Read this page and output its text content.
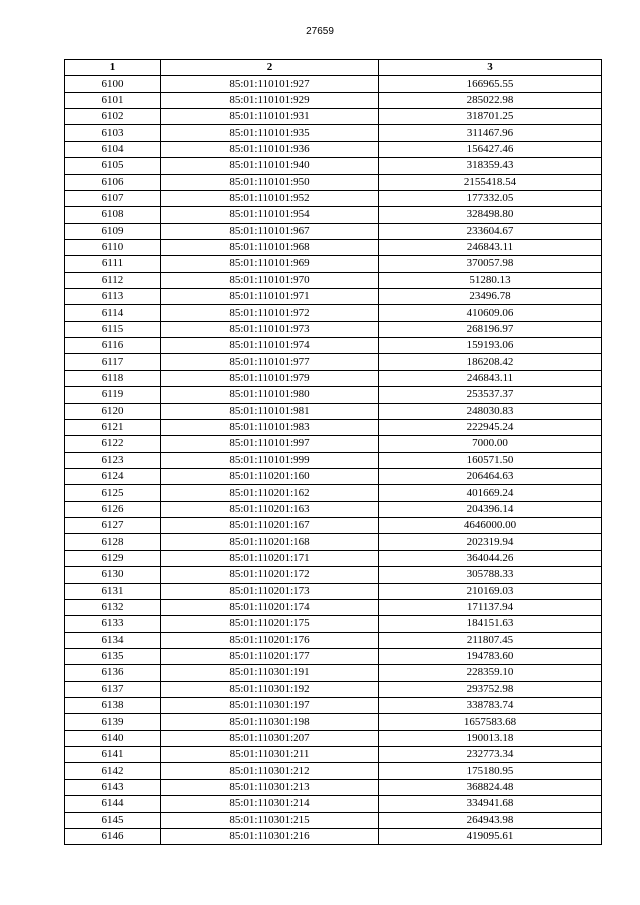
27659
1	2	3
6100	85:01:110101:927	166965.55
6101	85:01:110101:929	285022.98
6102	85:01:110101:931	318701.25
6103	85:01:110101:935	311467.96
6104	85:01:110101:936	156427.46
6105	85:01:110101:940	318359.43
6106	85:01:110101:950	2155418.54
6107	85:01:110101:952	177332.05
6108	85:01:110101:954	328498.80
6109	85:01:110101:967	233604.67
6110	85:01:110101:968	246843.11
6111	85:01:110101:969	370057.98
6112	85:01:110101:970	51280.13
6113	85:01:110101:971	23496.78
6114	85:01:110101:972	410609.06
6115	85:01:110101:973	268196.97
6116	85:01:110101:974	159193.06
6117	85:01:110101:977	186208.42
6118	85:01:110101:979	246843.11
6119	85:01:110101:980	253537.37
6120	85:01:110101:981	248030.83
6121	85:01:110101:983	222945.24
6122	85:01:110101:997	7000.00
6123	85:01:110101:999	160571.50
6124	85:01:110201:160	206464.63
6125	85:01:110201:162	401669.24
6126	85:01:110201:163	204396.14
6127	85:01:110201:167	4646000.00
6128	85:01:110201:168	202319.94
6129	85:01:110201:171	364044.26
6130	85:01:110201:172	305788.33
6131	85:01:110201:173	210169.03
6132	85:01:110201:174	171137.94
6133	85:01:110201:175	184151.63
6134	85:01:110201:176	211807.45
6135	85:01:110201:177	194783.60
6136	85:01:110301:191	228359.10
6137	85:01:110301:192	293752.98
6138	85:01:110301:197	338783.74
6139	85:01:110301:198	1657583.68
6140	85:01:110301:207	190013.18
6141	85:01:110301:211	232773.34
6142	85:01:110301:212	175180.95
6143	85:01:110301:213	368824.48
6144	85:01:110301:214	334941.68
6145	85:01:110301:215	264943.98
6146	85:01:110301:216	419095.61
